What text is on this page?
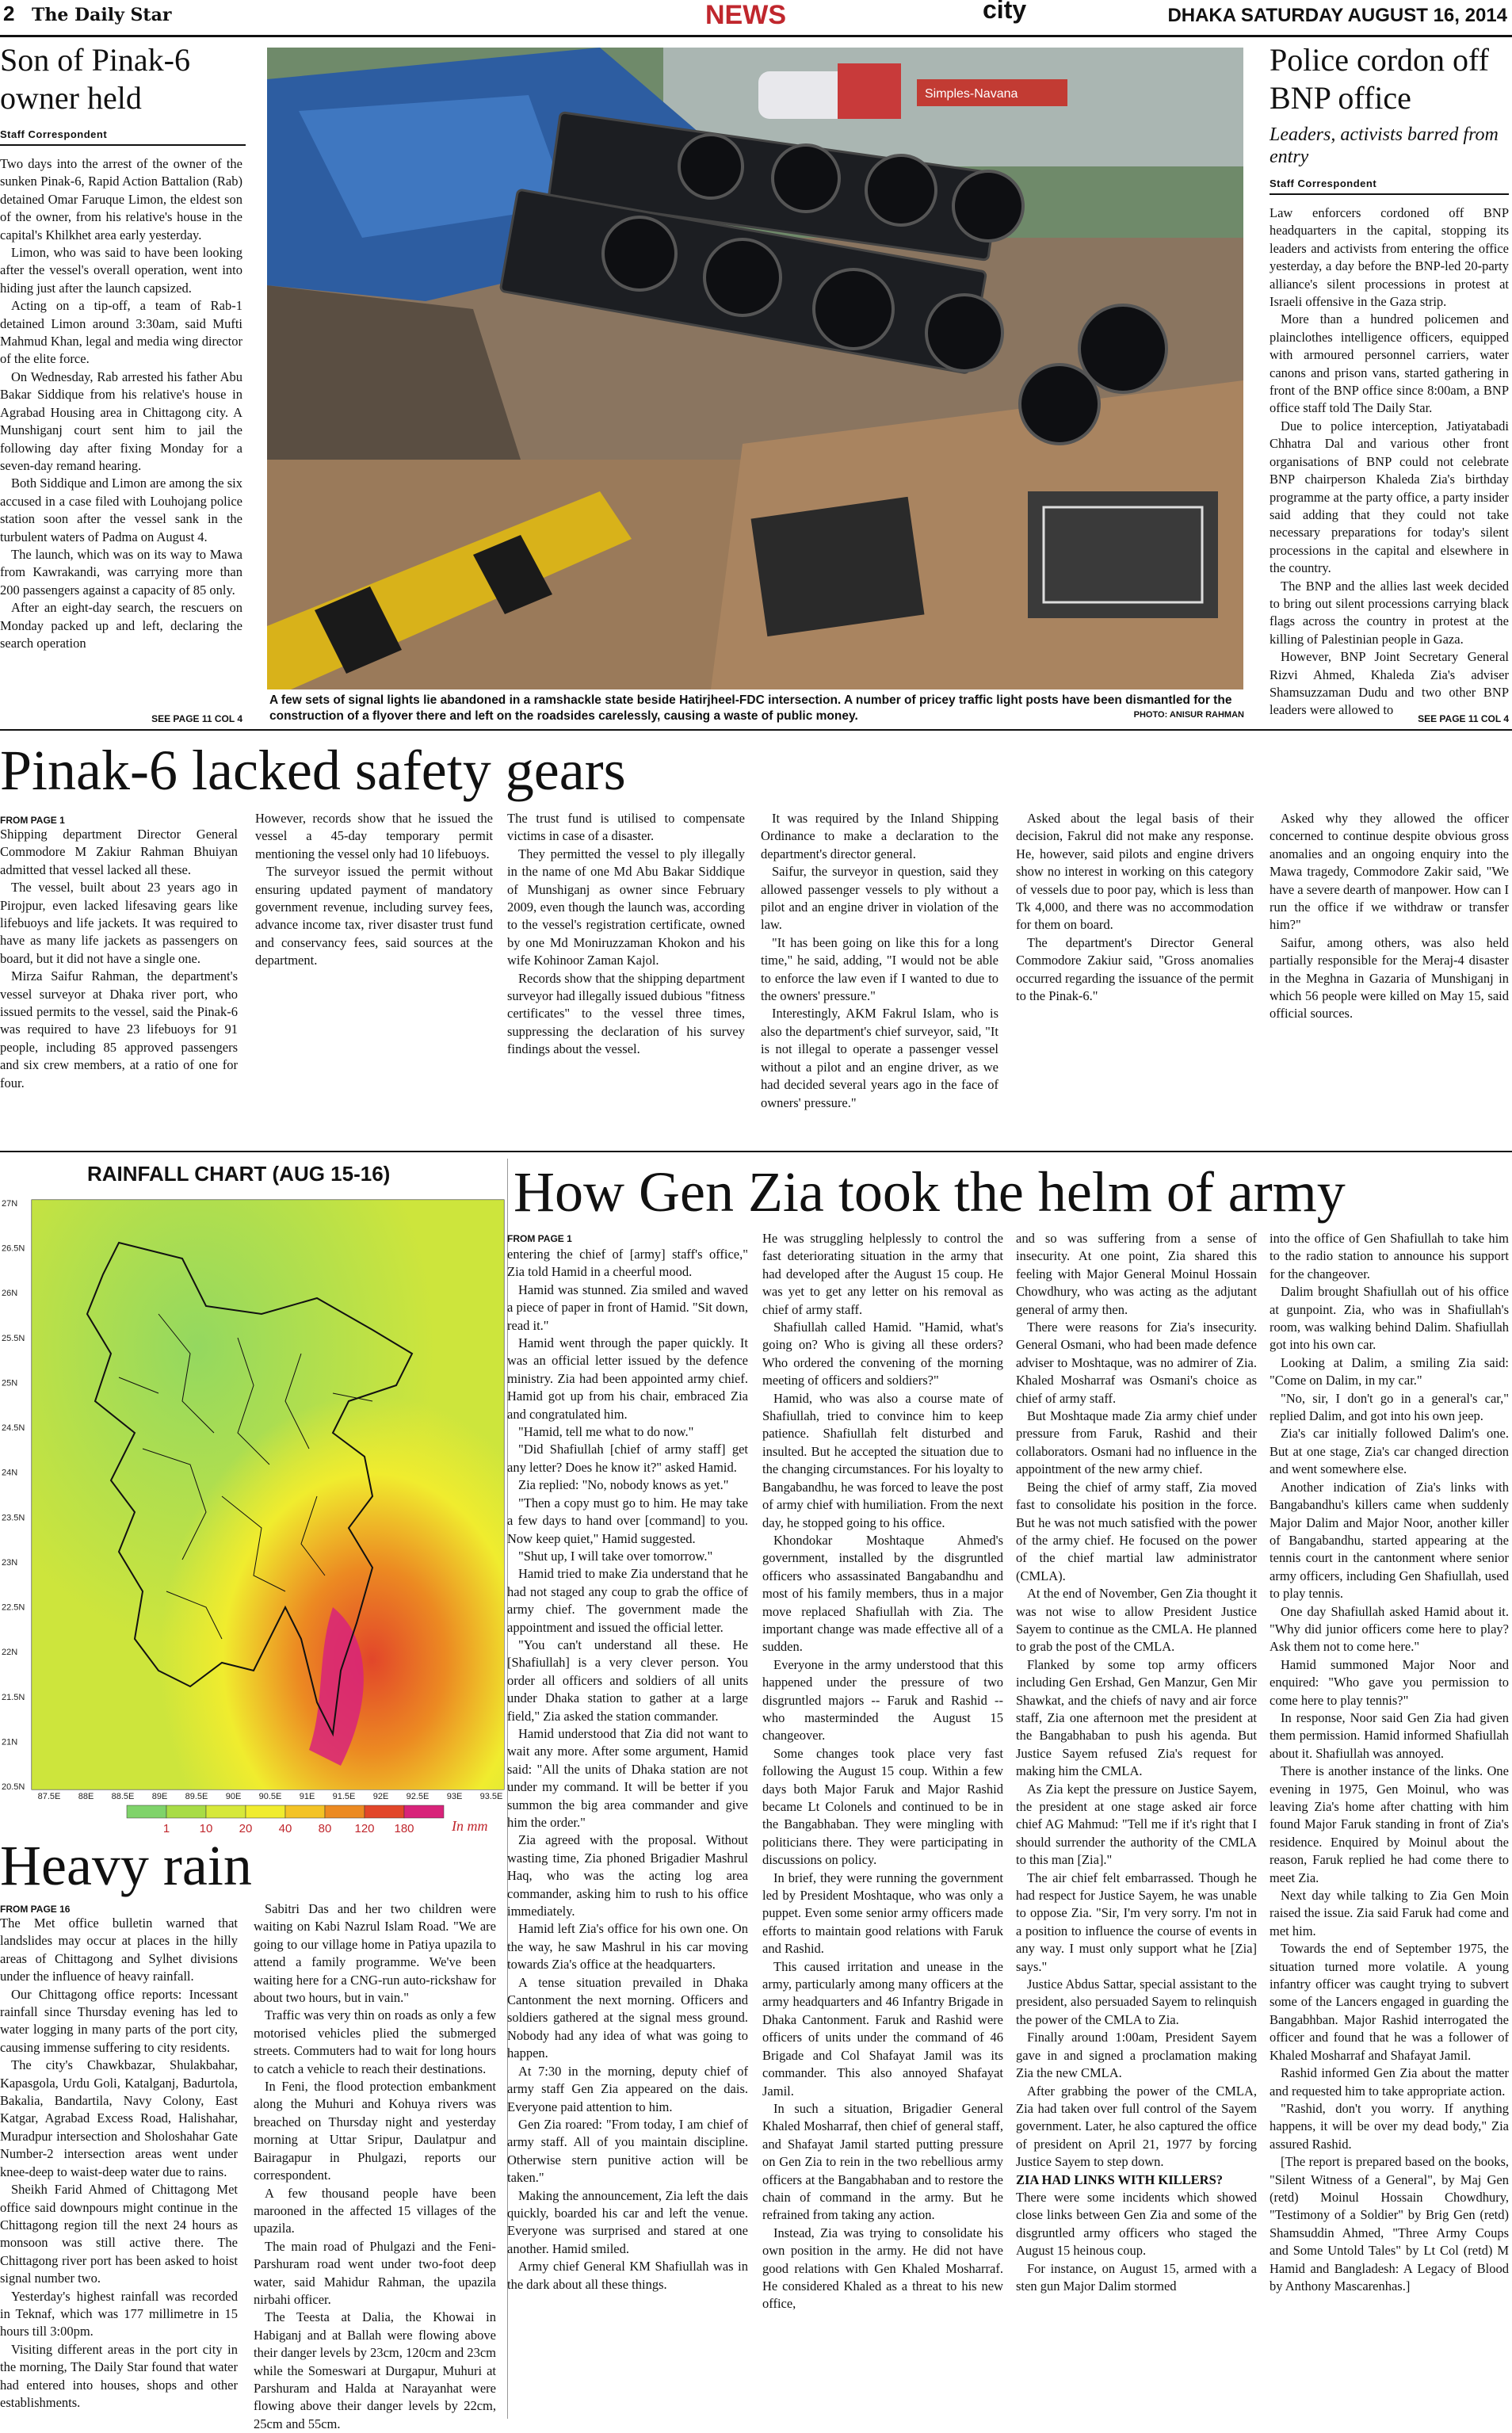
2 The Daily Star	NEWS	city	DHAKA SATURDAY AUGUST 16, 2014
Son of Pinak-6 owner held
Staff Correspondent

Two days into the arrest of the owner of the sunken Pinak-6, Rapid Action Battalion (Rab) detained Omar Faruque Limon, the eldest son of the owner, from his relative's house in the capital's Khilkhet area early yesterday.

Limon, who was said to have been looking after the vessel's overall operation, went into hiding just after the launch capsized.

Acting on a tip-off, a team of Rab-1 detained Limon around 3:30am, said Mufti Mahmud Khan, legal and media wing director of the elite force.

On Wednesday, Rab arrested his father Abu Bakar Siddique from his relative's house in Agrabad Housing area in Chittagong city. A Munshiganj court sent him to jail the following day after fixing Monday for a seven-day remand hearing.

Both Siddique and Limon are among the six accused in a case filed with Louhojang police station soon after the vessel sank in the turbulent waters of Padma on August 4.

The launch, which was on its way to Mawa from Kawrakandi, was carrying more than 200 passengers against a capacity of 85 only.

After an eight-day search, the rescuers on Monday packed up and left, declaring the search operation

SEE PAGE 11 COL 4
Simples-Navana
A few sets of signal lights lie abandoned in a ramshackle state beside Hatirjheel-FDC intersection. A number of pricey traffic light posts have been dismantled for the construction of a flyover there and left on the roadsides carelessly, causing a waste of public money.	PHOTO: ANISUR RAHMAN
Police cordon off BNP office
Leaders, activists barred from entry
Staff Correspondent

Law enforcers cordoned off BNP headquarters in the capital, stopping its leaders and activists from entering the office yesterday, a day before the BNP-led 20-party alliance's silent processions in protest at Israeli offensive in the Gaza strip.

More than a hundred policemen and plainclothes intelligence officers, equipped with armoured personnel carriers, water canons and prison vans, started gathering in front of the BNP office since 8:00am, a BNP office staff told The Daily Star.

Due to police interception, Jatiyatabadi Chhatra Dal and various other front organisations of BNP could not celebrate BNP chairperson Khaleda Zia's birthday programme at the party office, a party insider said adding that they could not take necessary preparations for today's silent processions in the capital and elsewhere in the country.

The BNP and the allies last week decided to bring out silent processions carrying black flags across the country in protest at the killing of Palestinian people in Gaza.

However, BNP Joint Secretary General Rizvi Ahmed, Khaleda Zia's adviser Shamsuzzaman Dudu and two other BNP leaders were allowed to

SEE PAGE 11 COL 4
Pinak-6 lacked safety gears
FROM PAGE 1

Shipping department Director General Commodore M Zakiur Rahman Bhuiyan admitted that vessel lacked all these.

The vessel, built about 23 years ago in Pirojpur, even lacked lifesaving gears like lifebuoys and life jackets. It was required to have as many life jackets as passengers on board, but it did not have a single one.

Mirza Saifur Rahman, the department's vessel surveyor at Dhaka river port, who issued permits to the vessel, said the Pinak-6 was required to have 23 lifebuoys for 91 people, including 85 approved passengers and six crew members, at a ratio of one for four.

However, records show that he issued the vessel a 45-day temporary permit mentioning the vessel only had 10 lifebuoys.

The surveyor issued the permit without ensuring updated payment of mandatory government revenue, including survey fees, advance income tax, river disaster trust fund and conservancy fees, said sources at the department.

The trust fund is utilised to compensate victims in case of a disaster.

They permitted the vessel to ply illegally in the name of one Md Abu Bakar Siddique of Munshiganj as owner since February 2009, even though the launch was, according to the vessel's registration certificate, owned by one Md Moniruzzaman Khokon and his wife Kohinoor Zaman Kajol.

Records show that the shipping department surveyor had illegally issued dubious "fitness certificates" to the vessel three times, suppressing the declaration of his survey findings about the vessel.

It was required by the Inland Shipping Ordinance to make a declaration to the department's director general.

Saifur, the surveyor in question, said they allowed passenger vessels to ply without a pilot and an engine driver in violation of the law.

"It has been going on like this for a long time," he said, adding, "I would not be able to enforce the law even if I wanted to due to the owners' pressure."

Interestingly, AKM Fakrul Islam, who is also the department's chief surveyor, said, "It is not illegal to operate a passenger vessel without a pilot and an engine driver, as we had decided several years ago in the face of owners' pressure."

Asked about the legal basis of their decision, Fakrul did not make any response. He, however, said pilots and engine drivers show no interest in working on this category of vessels due to poor pay, which is less than Tk 4,000, and there was no accommodation for them on board.

The department's Director General Commodore Zakiur said, "Gross anomalies occurred regarding the issuance of the permit to the Pinak-6."

Asked why they allowed the officer concerned to continue despite obvious gross anomalies and an ongoing enquiry into the Mawa tragedy, Commodore Zakir said, "We have a severe dearth of manpower. How can I run the office if we withdraw or transfer him?"

Saifur, among others, was also held partially responsible for the Meraj-4 disaster in the Meghna in Gazaria of Munshiganj in which 56 people were killed on May 15, said official sources.

RAINFALL CHART (AUG 15-16)
27N
26.5N
26N
25.5N
25N
24.5N
24N
23.5N
23N
22.5N
22N
21.5N
21N
20.5N
87.5E 88E 88.5E 89E 89.5E 90E 90.5E 91E 91.5E 92E 92.5E 93E 93.5E
1 10 20 40 80 120 180	In mm
Heavy rain
FROM PAGE 16

The Met office bulletin warned that landslides may occur at places in the hilly areas of Chittagong and Sylhet divisions under the influence of heavy rainfall.

Our Chittagong office reports: Incessant rainfall since Thursday evening has led to water logging in many parts of the port city, causing immense suffering to city residents.

The city's Chawkbazar, Shulakbahar, Kapasgola, Urdu Goli, Katalganj, Badurtola, Bakalia, Bandartila, Navy Colony, East Katgar, Agrabad Excess Road, Halishahar, Muradpur intersection and Sholoshahar Gate Number-2 intersection areas went under knee-deep to waist-deep water due to rains.

Sheikh Farid Ahmed of Chittagong Met office said downpours might continue in the Chittagong region till the next 24 hours as monsoon was still active there. The Chittagong river port has been asked to hoist signal number two.

Yesterday's highest rainfall was recorded in Teknaf, which was 177 millimetre in 15 hours till 3:00pm.

Visiting different areas in the port city in the morning, The Daily Star found that water had entered into houses, shops and other establishments.

Sabitri Das and her two children were waiting on Kabi Nazrul Islam Road. "We are going to our village home in Patiya upazila to attend a family programme. We've been waiting here for a CNG-run auto-rickshaw for about two hours, but in vain."

Traffic was very thin on roads as only a few motorised vehicles plied the submerged streets. Commuters had to wait for long hours to catch a vehicle to reach their destinations.

In Feni, the flood protection embankment along the Muhuri and Kohuya rivers was breached on Thursday night and yesterday morning at Uttar Sripur, Daulatpur and Bairagapur in Phulgazi, reports our correspondent.

A few thousand people have been marooned in the affected 15 villages of the upazila.

The main road of Phulgazi and the Feni-Parshuram road went under two-foot deep water, said Mahidur Rahman, the upazila nirbahi officer.

The Teesta at Dalia, the Khowai in Habiganj and at Ballah were flowing above their danger levels by 23cm, 120cm and 23cm while the Someswari at Durgapur, Muhuri at Parshuram and Halda at Narayanhat were flowing above their danger levels by 22cm, 25cm and 55cm.

How Gen Zia took the helm of army
FROM PAGE 1

entering the chief of [army] staff's office," Zia told Hamid in a cheerful mood.

Hamid was stunned. Zia smiled and waved a piece of paper in front of Hamid. "Sit down, read it."

Hamid went through the paper quickly. It was an official letter issued by the defence ministry. Zia had been appointed army chief. Hamid got up from his chair, embraced Zia and congratulated him.

"Hamid, tell me what to do now."

"Did Shafiullah [chief of army staff] get any letter? Does he know it?" asked Hamid.

Zia replied: "No, nobody knows as yet."

"Then a copy must go to him. He may take a few days to hand over [command] to you. Now keep quiet," Hamid suggested.

"Shut up, I will take over tomorrow."

Hamid tried to make Zia understand that he had not staged any coup to grab the office of army chief. The government made the appointment and issued the official letter.

"You can't understand all these. He [Shafiullah] is a very clever person. You order all officers and soldiers of all units under Dhaka station to gather at a large field," Zia asked the station commander.

Hamid understood that Zia did not want to wait any more. After some argument, Hamid said: "All the units of Dhaka station are not under my command. It will be better if you summon the big area commander and give him the order."

Zia agreed with the proposal. Without wasting time, Zia phoned Brigadier Mashrul Haq, who was the acting log area commander, asking him to rush to his office immediately.

Hamid left Zia's office for his own one. On the way, he saw Mashrul in his car moving towards Zia's office at the headquarters.

A tense situation prevailed in Dhaka Cantonment the next morning. Officers and soldiers gathered at the signal mess ground. Nobody had any idea of what was going to happen.

At 7:30 in the morning, deputy chief of army staff Gen Zia appeared on the dais. Everyone paid attention to him.

Gen Zia roared: "From today, I am chief of army staff. All of you maintain discipline. Otherwise stern punitive action will be taken."

Making the announcement, Zia left the dais quickly, boarded his car and left the venue. Everyone was surprised and stared at one another. Hamid smiled.

Army chief General KM Shafiullah was in the dark about all these things.

He was struggling helplessly to control the fast deteriorating situation in the army that had developed after the August 15 coup. He was yet to get any letter on his removal as chief of army staff.

Shafiullah called Hamid. "Hamid, what's going on? Who is giving all these orders? Who ordered the convening of the morning meeting of officers and soldiers?"

Hamid, who was also a course mate of Shafiullah, tried to convince him to keep patience. Shafiullah felt disturbed and insulted. But he accepted the situation due to the changing circumstances. For his loyalty to Bangabandhu, he was forced to leave the post of army chief with humiliation. From the next day, he stopped going to his office.

Khondokar Moshtaque Ahmed's government, installed by the disgruntled officers who assassinated Bangabandhu and most of his family members, thus in a major move replaced Shafiullah with Zia. The important change was made effective all of a sudden.

Everyone in the army understood that this happened under the pressure of two disgruntled majors -- Faruk and Rashid -- who masterminded the August 15 changeover.

Some changes took place very fast following the August 15 coup. Within a few days both Major Faruk and Major Rashid became Lt Colonels and continued to be in the Bangabhaban. They were mingling with politicians there. They were participating in discussions on policy.

In brief, they were running the government led by President Moshtaque, who was only a puppet. Even some senior army officers made efforts to maintain good relations with Faruk and Rashid.

This caused irritation and unease in the army, particularly among many officers at the army headquarters and 46 Infantry Brigade in Dhaka Cantonment. Faruk and Rashid were officers of units under the command of 46 Brigade and Col Shafayat Jamil was its commander. This also annoyed Shafayat Jamil.

In such a situation, Brigadier General Khaled Mosharraf, then chief of general staff, and Shafayat Jamil started putting pressure on Gen Zia to rein in the two rebellious army officers at the Bangabhaban and to restore the chain of command in the army. But he refrained from taking any action.

Instead, Zia was trying to consolidate his own position in the army. He did not have good relations with Gen Khaled Mosharraf. He considered Khaled as a threat to his new office,

and so was suffering from a sense of insecurity. At one point, Zia shared this feeling with Major General Moinul Hossain Chowdhury, who was acting as the adjutant general of army then.

There were reasons for Zia's insecurity. General Osmani, who had been made defence adviser to Moshtaque, was no admirer of Zia. Khaled Mosharraf was Osmani's choice as chief of army staff.

But Moshtaque made Zia army chief under pressure from Faruk, Rashid and their collaborators. Osmani had no influence in the appointment of the new army chief.

Being the chief of army staff, Zia moved fast to consolidate his position in the force. But he was not much satisfied with the power of the army chief. He focused on the power of the chief martial law administrator (CMLA).

At the end of November, Gen Zia thought it was not wise to allow President Justice Sayem to continue as the CMLA. He planned to grab the post of the CMLA.

Flanked by some top army officers including Gen Ershad, Gen Manzur, Gen Mir Shawkat, and the chiefs of navy and air force staff, Zia one afternoon met the president at the Bangabhaban to push his agenda. But Justice Sayem refused Zia's request for making him the CMLA.

As Zia kept the pressure on Justice Sayem, the president at one stage asked air force chief AG Mahmud: "Tell me if it's right that I should surrender the authority of the CMLA to this man [Zia]."

The air chief felt embarrassed. Though he had respect for Justice Sayem, he was unable to oppose Zia. "Sir, I'm very sorry. I'm not in a position to influence the course of events in any way. I must only support what he [Zia] says."

Justice Abdus Sattar, special assistant to the president, also persuaded Sayem to relinquish the power of the CMLA to Zia.

Finally around 1:00am, President Sayem gave in and signed a proclamation making Zia the new CMLA.

After grabbing the power of the CMLA, Zia had taken over full control of the Sayem government. Later, he also captured the office of president on April 21, 1977 by forcing Justice Sayem to step down.

ZIA HAD LINKS WITH KILLERS?

There were some incidents which showed close links between Gen Zia and some of the disgruntled army officers who staged the August 15 heinous coup.

For instance, on August 15, armed with a sten gun Major Dalim stormed

into the office of Gen Shafiullah to take him to the radio station to announce his support for the changeover.

Dalim brought Shafiullah out of his office at gunpoint. Zia, who was in Shafiullah's room, was walking behind Dalim. Shafiullah got into his own car.

Looking at Dalim, a smiling Zia said: "Come on Dalim, in my car."

"No, sir, I don't go in a general's car," replied Dalim, and got into his own jeep.

Zia's car initially followed Dalim's one. But at one stage, Zia's car changed direction and went somewhere else.

Another indication of Zia's links with Bangabandhu's killers came when suddenly Major Dalim and Major Noor, another killer of Bangabandhu, started appearing at the tennis court in the cantonment where senior army officers, including Gen Shafiullah, used to play tennis.

One day Shafiullah asked Hamid about it. "Why did junior officers come here to play? Ask them not to come here."

Hamid summoned Major Noor and enquired: "Who gave you permission to come here to play tennis?"

In response, Noor said Gen Zia had given them permission. Hamid informed Shafiullah about it. Shafiullah was annoyed.

There is another instance of the links. One evening in 1975, Gen Moinul, who was leaving Zia's home after chatting with him found Major Faruk standing in front of Zia's residence. Enquired by Moinul about the reason, Faruk replied he had come there to meet Zia.

Next day while talking to Zia Gen Moin raised the issue. Zia said Faruk had come and met him.

Towards the end of September 1975, the situation turned more volatile. A young infantry officer was caught trying to subvert some of the Lancers engaged in guarding the Bangabhban. Major Rashid interrogated the officer and found that he was a follower of Khaled Mosharraf and Shafayat Jamil.

Rashid informed Gen Zia about the matter and requested him to take appropriate action.

"Rashid, don't you worry. If anything happens, it will be over my dead body," Zia assured Rashid.

[The report is prepared based on the books, "Silent Witness of a General", by Maj Gen (retd) Moinul Hossain Chowdhury, "Testimony of a Soldier" by Brig Gen (retd) Shamsuddin Ahmed, "Three Army Coups and Some Untold Tales" by Lt Col (retd) M Hamid and Bangladesh: A Legacy of Blood by Anthony Mascarenhas.]
